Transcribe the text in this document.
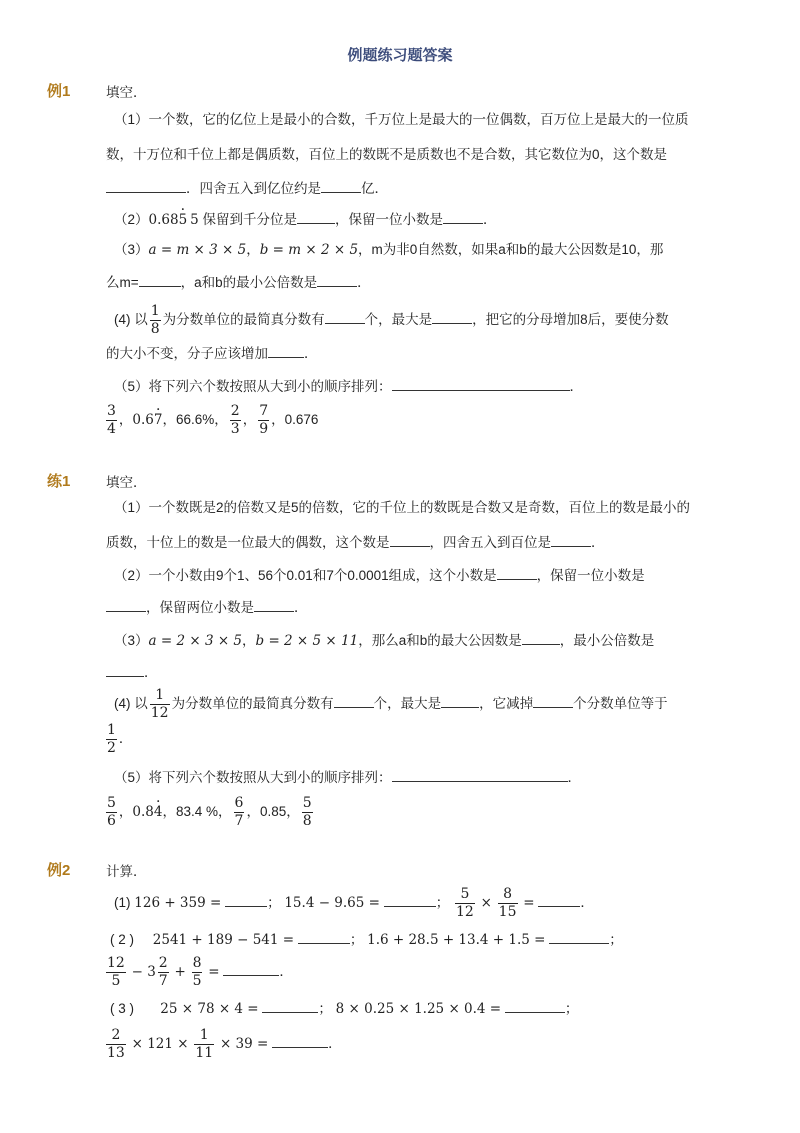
例题练习题答案
例1	填空．
（1）一个数，它的亿位上是最小的合数，千万位上是最大的一位偶数，百万位上是最大的一位质
数，十万位和千位上都是偶质数，百位上的数既不是质数也不是合数，其它数位为0，这个数是
．四舍五入到亿位约是	亿．
（2）0.68· 5 5 保留到千分位是	，保留一位小数是	．
（3）a = m × 3 × 5，b = m × 2 × 5，m为非0自然数，如果a和b的最大公因数是10，那
么m=	，a和b的最小公倍数是	．
(4) 以 $\frac{1}{8}$ 为分数单位的最简真分数有	个，最大是	，把它的分母增加8后，要使分数
的大小不变，分子应该增加	．
（5）将下列六个数按照从大到小的顺序排列：	．
$\frac{3}{4}$ ，0.6· 7，66.6%， $\frac{2}{3}$ ， $\frac{7}{9}$ ，0.676
练1	填空．
（1）一个数既是2的倍数又是5的倍数，它的千位上的数既是合数又是奇数，百位上的数是最小的
质数，十位上的数是一位最大的偶数，这个数是	，四舍五入到百位是	．
（2）一个小数由9个1、56个0.01和7个0.0001组成，这个小数是	，保留一位小数是
，保留两位小数是	．
（3）a = 2 × 3 × 5，b = 2 × 5 × 11，那么a和b的最大公因数是	，最小公倍数是
．
(4) 以 $\frac{1}{12}$ 为分数单位的最简真分数有	个，最大是	，它减掉	个分数单位等于
$\frac{1}{2}$ ．
（5）将下列六个数按照从大到小的顺序排列：	．
$\frac{5}{6}$ ，0.8· 4，83.4 %， $\frac{6}{7}$ ，0.85， $\frac{5}{8}$
例2	计算．
(1) 126 + 359 =	； 15.4 − 9.65 =	； $\frac{5}{12} \times \frac{8}{15}$ =	．
( 2 ) 2541 + 189 − 541 =	； 1.6 + 28.5 + 13.4 + 1.5 =	；
$\frac{12}{5} - 3 \frac{2}{7} + \frac{8}{5}$ =	．
( 3 ) 25 × 78 × 4 =	； 8 × 0.25 × 1.25 × 0.4 =	；
$\frac{2}{13} \times 121 \times \frac{1}{11} \times 39$ =	．
